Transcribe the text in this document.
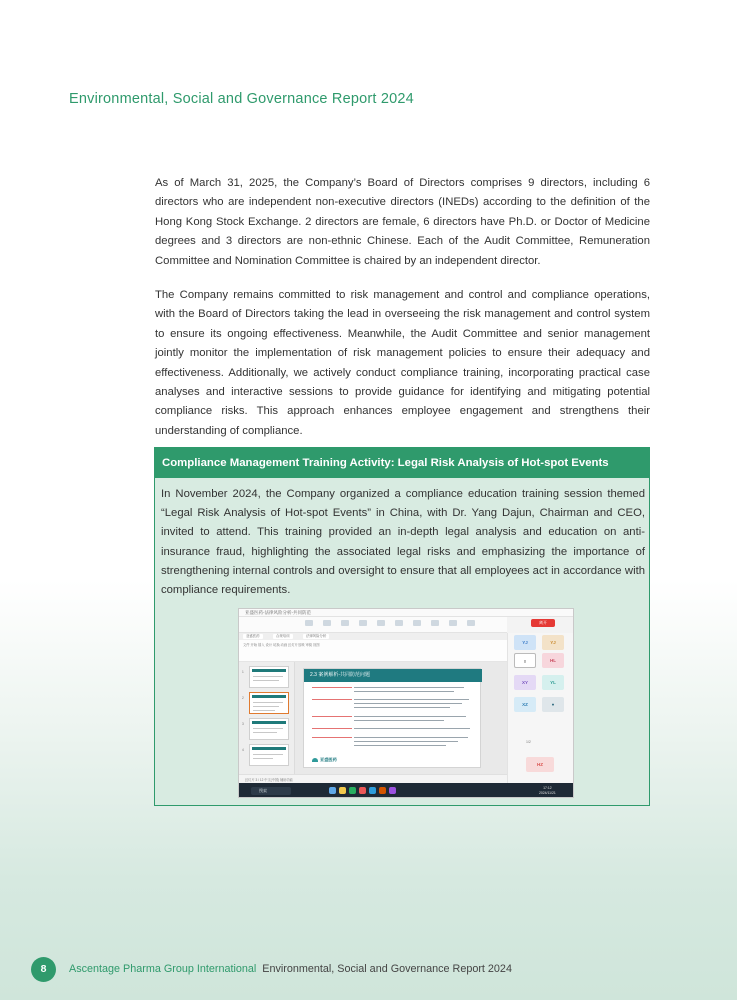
Environmental, Social and Governance Report 2024

As of March 31, 2025, the Company’s Board of Directors comprises 9 directors, including 6 directors who are independent non-executive directors (INEDs) according to the definition of the Hong Kong Stock Exchange. 2 directors are female, 6 directors have Ph.D. or Doctor of Medicine degrees and 3 directors are non-ethnic Chinese. Each of the Audit Committee, Remuneration Committee and Nomination Committee is chaired by an independent director.

The Company remains committed to risk management and control and compliance operations, with the Board of Directors taking the lead in overseeing the risk management and control system to ensure its ongoing effectiveness. Meanwhile, the Audit Committee and senior management jointly monitor the implementation of risk management policies to ensure their adequacy and effectiveness. Additionally, we actively conduct compliance training, incorporating practical case analyses and interactive sessions to provide guidance for identifying and mitigating potential compliance risks. This approach enhances employee engagement and strengthens their understanding of compliance.

Compliance Management Training Activity: Legal Risk Analysis of Hot-spot Events

In November 2024, the Company organized a compliance education training session themed “Legal Risk Analysis of Hot-spot Events” in China, with Dr. Yang Dajun, Chairman and CEO, invited to attend. This training provided an in-depth legal analysis and education on anti-insurance fraud, highlighting the associated legal risks and emphasizing the importance of strengthening internal controls and oversight to ensure that all employees act in accordance with compliance requirements.

亚盛医药-法律风险分析-共同防范
离开
亚盛医药	合规培训	法律风险分析
文件 开始 插入 设计 切换 动画 幻灯片放映 审阅 视图
1
2
3
4
2.3 案例解析-共同防范问题
亚盛医药
幻灯片 3 / 12 中文(中国) 辅助功能
YJ	YJ
!	HL
XY	YL
XZ	●
1/2
HZ
搜索	17:12
2024/11/21
8	Ascentage Pharma Group International Environmental, Social and Governance Report 2024
